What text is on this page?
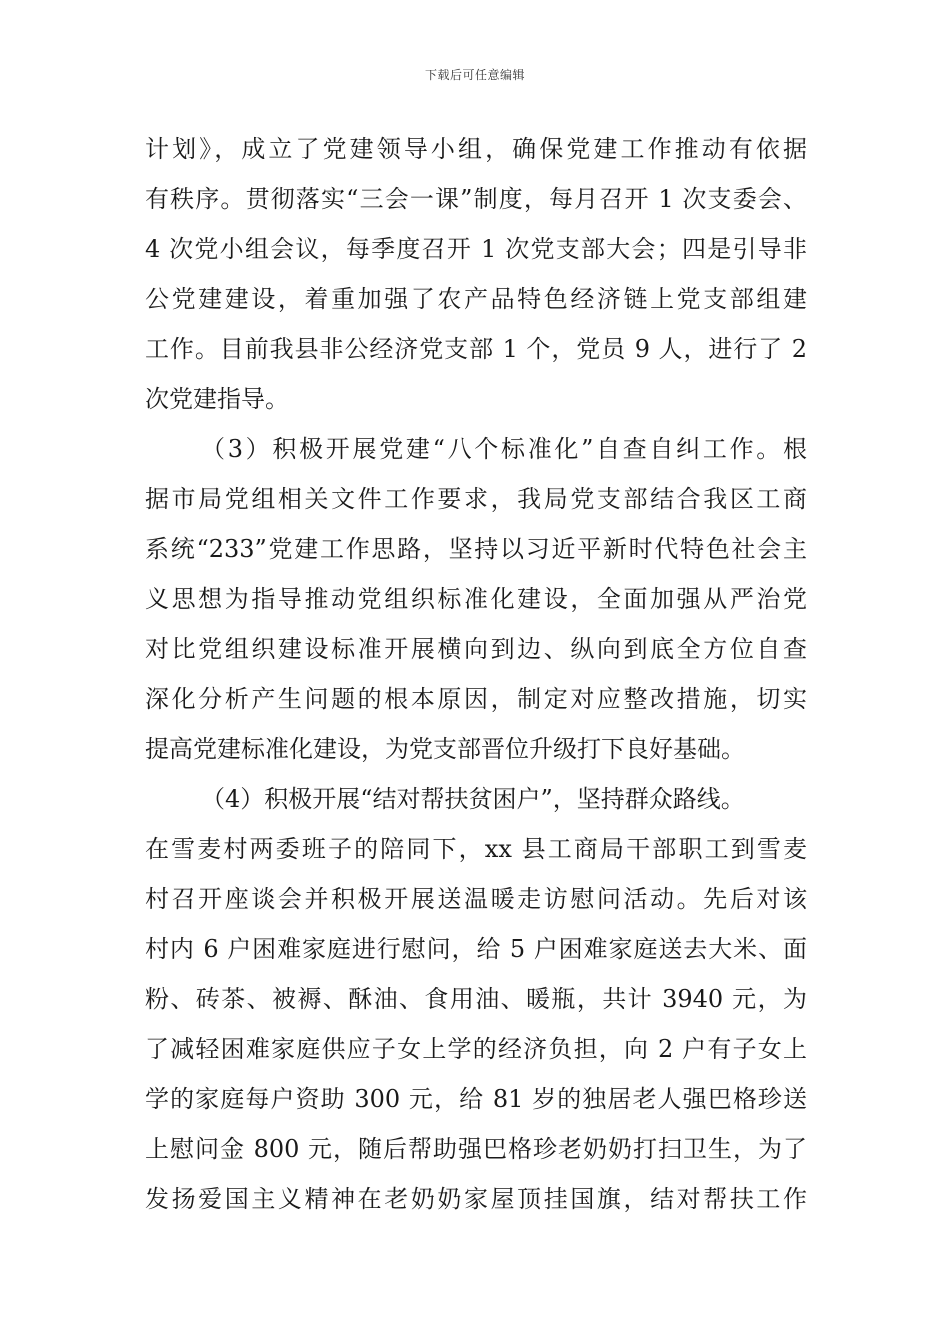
下载后可任意编辑
计划》，成立了党建领导小组，确保党建工作推动有依据
有秩序。贯彻落实“三会一课”制度，每月召开 1 次支委会、
4 次党小组会议，每季度召开 1 次党支部大会；四是引导非
公党建建设，着重加强了农产品特色经济链上党支部组建
工作。目前我县非公经济党支部 1 个，党员 9 人，进行了 2
次党建指导。
（3）积极开展党建“八个标准化”自查自纠工作。根
据市局党组相关文件工作要求，我局党支部结合我区工商
系统“233”党建工作思路，坚持以习近平新时代特色社会主
义思想为指导推动党组织标准化建设，全面加强从严治党
对比党组织建设标准开展横向到边、纵向到底全方位自查
深化分析产生问题的根本原因，制定对应整改措施，切实
提高党建标准化建设，为党支部晋位升级打下良好基础。
（4）积极开展“结对帮扶贫困户”，坚持群众路线。
在雪麦村两委班子的陪同下，xx 县工商局干部职工到雪麦
村召开座谈会并积极开展送温暖走访慰问活动。先后对该
村内 6 户困难家庭进行慰问，给 5 户困难家庭送去大米、面
粉、砖茶、被褥、酥油、食用油、暖瓶，共计 3940 元，为
了减轻困难家庭供应子女上学的经济负担，向 2 户有子女上
学的家庭每户资助 300 元，给 81 岁的独居老人强巴格珍送
上慰问金 800 元，随后帮助强巴格珍老奶奶打扫卫生，为了
发扬爱国主义精神在老奶奶家屋顶挂国旗，结对帮扶工作
